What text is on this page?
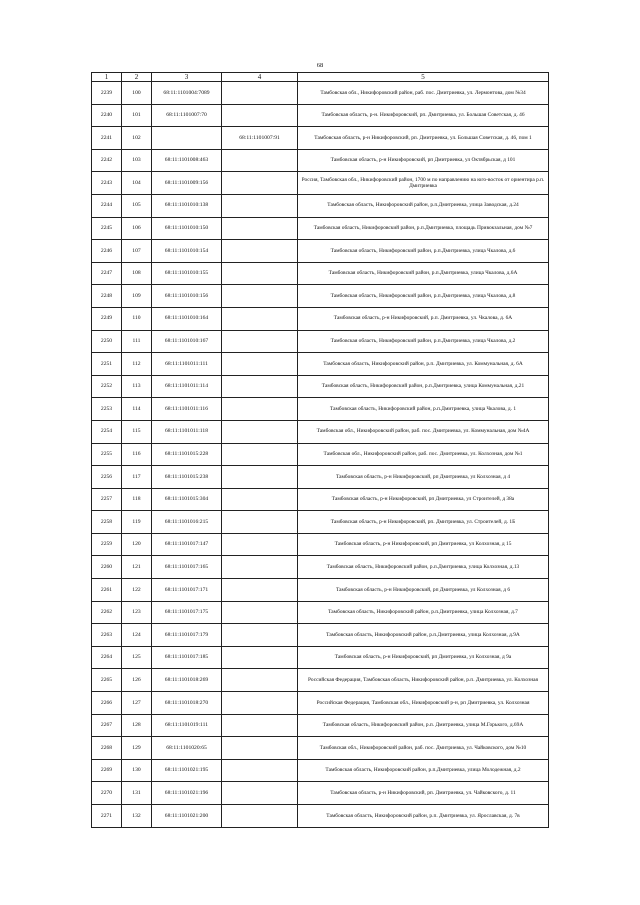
68
1	2	3	4	5
2239	100	68:11:1101004:7089		Тамбовская обл., Никифоровский район, раб. пос. Дмитриевка, ул. Лермонтова, дом №34
2240	101	68:11:1101007:70		Тамбовская область, р-н. Никифоровский, рп. Дмитриевка, ул. Большая Советская, д. 46
2241	102		68:11:1101007:91	Тамбовская область, р-н Никифоровский, рп. Дмитриевка, ул. Большая Советская, д. 46, пом 1
2242	103	68:11:1101008:463		Тамбовская область, р-н Никифоровский, рп Дмитриевка, ул Октябрьская, д 101
2243	104	68:11:1101009:156		Россия, Тамбовская обл., Никифоровский район, 1700 м по направлению на юго-восток от ориентира р.п. Дмитриевка
2244	105	68:11:1101010:138		Тамбовская область, Никифоровский район, р.п.Дмитриевка, улица Заводская, д.24
2245	106	68:11:1101010:150		Тамбовская область, Никифоровский район, р.п.Дмитриевка, площадь Привокзальная, дом №7
2246	107	68:11:1101010:154		Тамбовская область, Никифоровский район, р.п.Дмитриевка, улица Чкалова, д.6
2247	108	68:11:1101010:155		Тамбовская область, Никифоровский район, р.п.Дмитриевка, улица Чкалова, д.6А
2248	109	68:11:1101010:156		Тамбовская область, Никифоровский район, р.п.Дмитриевка, улица Чкалова, д.8
2249	110	68:11:1101010:164		Тамбовская область, р-н Никифоровский, р.п. Дмитриевка, ул. Чкалова, д. 6А
2250	111	68:11:1101010:167		Тамбовская область, Никифоровский район, р.п.Дмитриевка, улица Чкалова, д.2
2251	112	68:11:1101011:111		Тамбовская область, Никифоровский район, р.п. Дмитриевка, ул. Коммунальная, д. 6А
2252	113	68:11:1101011:114		Тамбовская область, Никифоровский район, р.п.Дмитриевка, улица Коммунальная, д.21
2253	114	68:11:1101011:116		Тамбовская область, Никифоровский район, р.п.Дмитриевка, улица Чкалова, д. 1
2254	115	68:11:1101011:118		Тамбовская обл., Никифоровский район, раб. пос. Дмитриевка, ул. Коммунальная, дом №4А
2255	116	68:11:1101015:228		Тамбовская обл., Никифоровский район, раб. пос. Дмитриевка, ул. Колхозная, дом №1
2256	117	68:11:1101015:238		Тамбовская область, р-н Никифоровский, рп Дмитриевка, ул Колхозная, д 4
2257	118	68:11:1101015:304		Тамбовская область, р-н Никифоровский, рп Дмитриевка, ул Строителей, д 38а
2258	119	68:11:1101016:215		Тамбовская область, р-н Никифоровский, рп. Дмитриевка, ул. Строителей, д. 1Б
2259	120	68:11:1101017:147		Тамбовская область, р-н Никифоровский, рп Дмитриевка, ул Колхозная, д 15
2260	121	68:11:1101017:165		Тамбовская область, Никифоровский район, р.п.Дмитриевка, улица Колхозная, д.13
2261	122	68:11:1101017:171		Тамбовская область, р-н Никифоровский, рп Дмитриевка, ул Колхозная, д 6
2262	123	68:11:1101017:175		Тамбовская область, Никифоровский район, р.п.Дмитриевка, улица Колхозная, д.7
2263	124	68:11:1101017:179		Тамбовская область, Никифоровский район, р.п.Дмитриевка, улица Колхозная, д.9А
2264	125	68:11:1101017:185		Тамбовская область, р-н Никифоровский, рп Дмитриевка, ул Колхозная, д 9а
2265	126	68:11:1101018:269		Российская Федерация, Тамбовская область, Никифоровский район, р.п. Дмитриевка, ул. Колхозная
2266	127	68:11:1101018:270		Российская Федерация, Тамбовская обл., Никифоровский р-н, рп Дмитриевка, ул. Колхозная
2267	128	68:11:1101019:111		Тамбовская область, Никифоровский район, р.п. Дмитриевка, улица М.Горького, д.69А
2268	129	68:11:1101020:65		Тамбовская обл., Никифоровский район, раб. пос. Дмитриевка, ул. Чайковского, дом №10
2269	130	68:11:1101021:195		Тамбовская область, Никифоровский район, р.п.Дмитриевка, улица Молодежная, д.2
2270	131	68:11:1101021:196		Тамбовская область, р-н Никифоровский, рп. Дмитриевка, ул. Чайковского, д. 11
2271	132	68:11:1101021:200		Тамбовская область, Никифоровский район, р.п. Дмитриевка, ул. Ярославская, д. 7в
